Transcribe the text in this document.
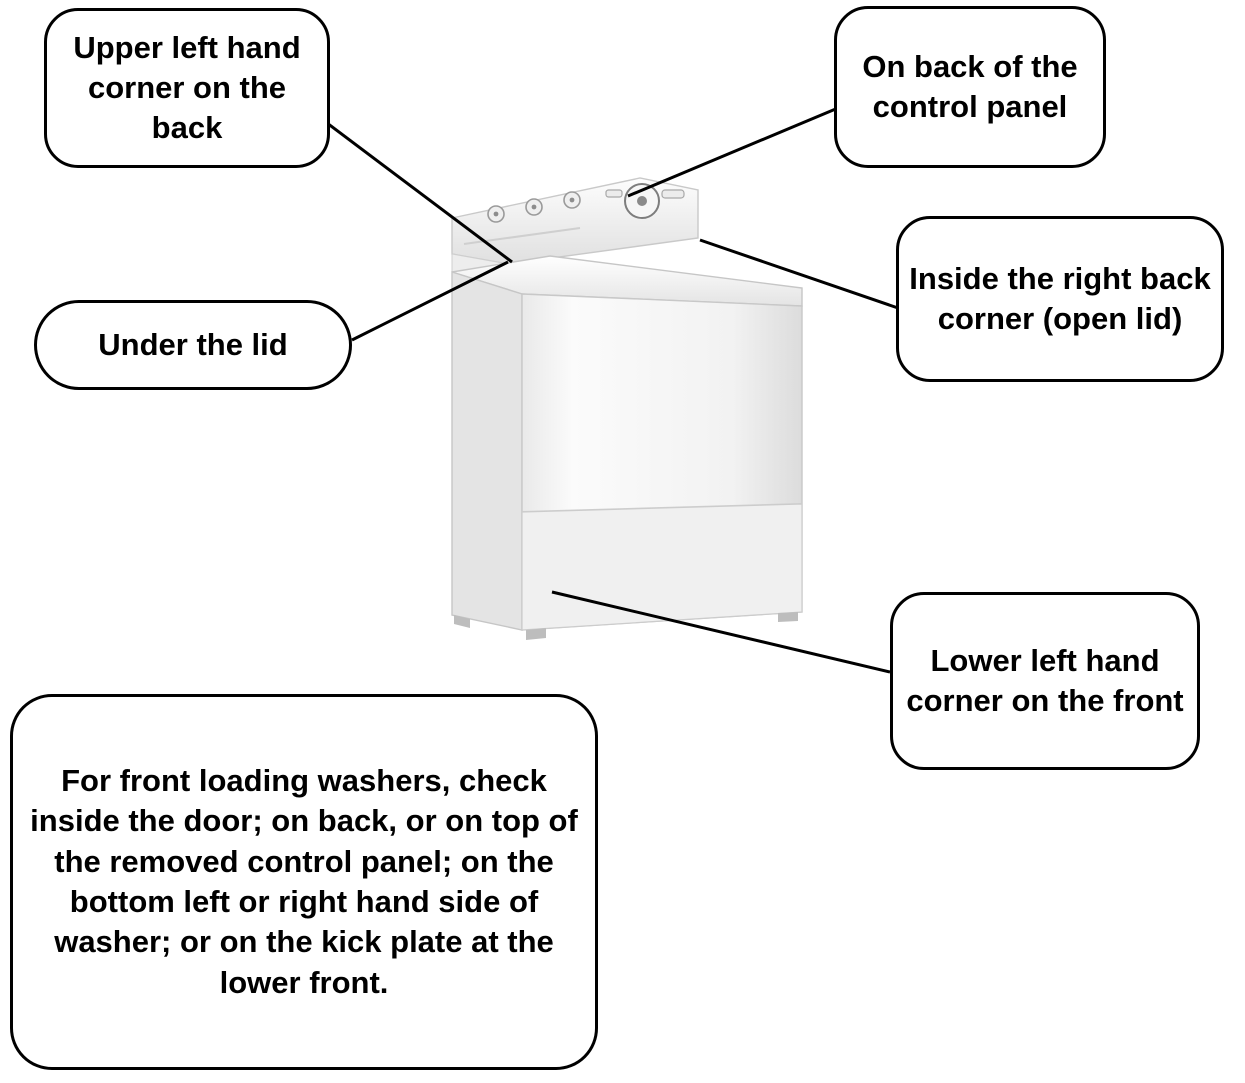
Upper left hand corner on the back
On back of the control panel
Under the lid
Inside the right back corner (open lid)
Lower left hand corner on the front
For front loading washers, check inside the door; on back, or on top of the removed control panel; on the bottom left or right hand side of washer; or on the kick plate at the lower front.
